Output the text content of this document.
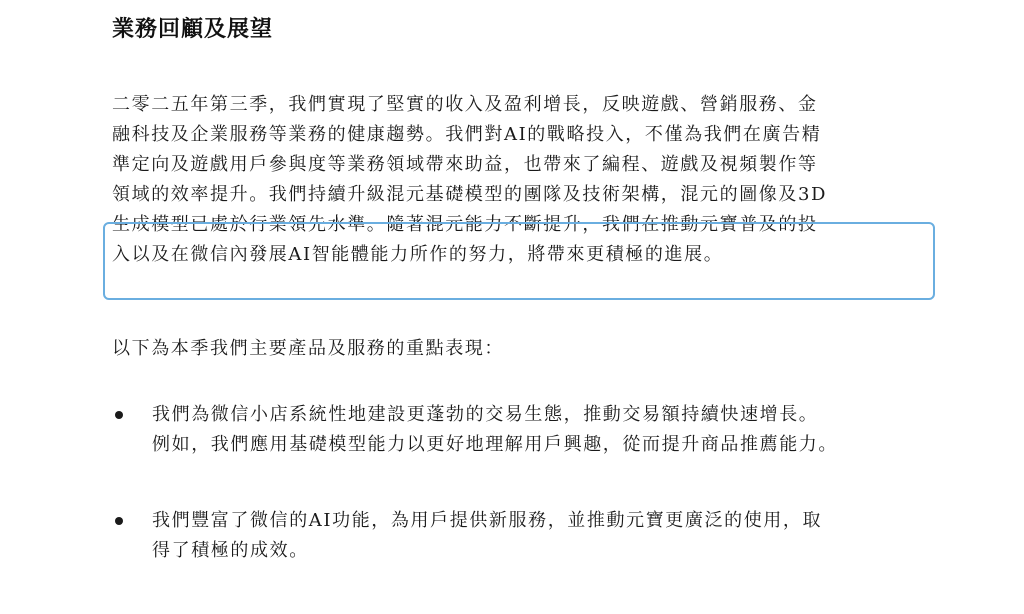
業務回顧及展望

二零二五年第三季，我們實現了堅實的收入及盈利增長，反映遊戲、營銷服務、金
融科技及企業服務等業務的健康趨勢。我們對AI的戰略投入，不僅為我們在廣告精
準定向及遊戲用戶參與度等業務領域帶來助益，也帶來了編程、遊戲及視頻製作等
領域的效率提升。我們持續升級混元基礎模型的團隊及技術架構，混元的圖像及3D
生成模型已處於行業領先水準。隨著混元能力不斷提升，我們在推動元寶普及的投
入以及在微信內發展AI智能體能力所作的努力，將帶來更積極的進展。

以下為本季我們主要產品及服務的重點表現：

我們為微信小店系統性地建設更蓬勃的交易生態，推動交易額持續快速增長。
例如，我們應用基礎模型能力以更好地理解用戶興趣，從而提升商品推薦能力。
我們豐富了微信的AI功能，為用戶提供新服務，並推動元寶更廣泛的使用，取
得了積極的成效。
